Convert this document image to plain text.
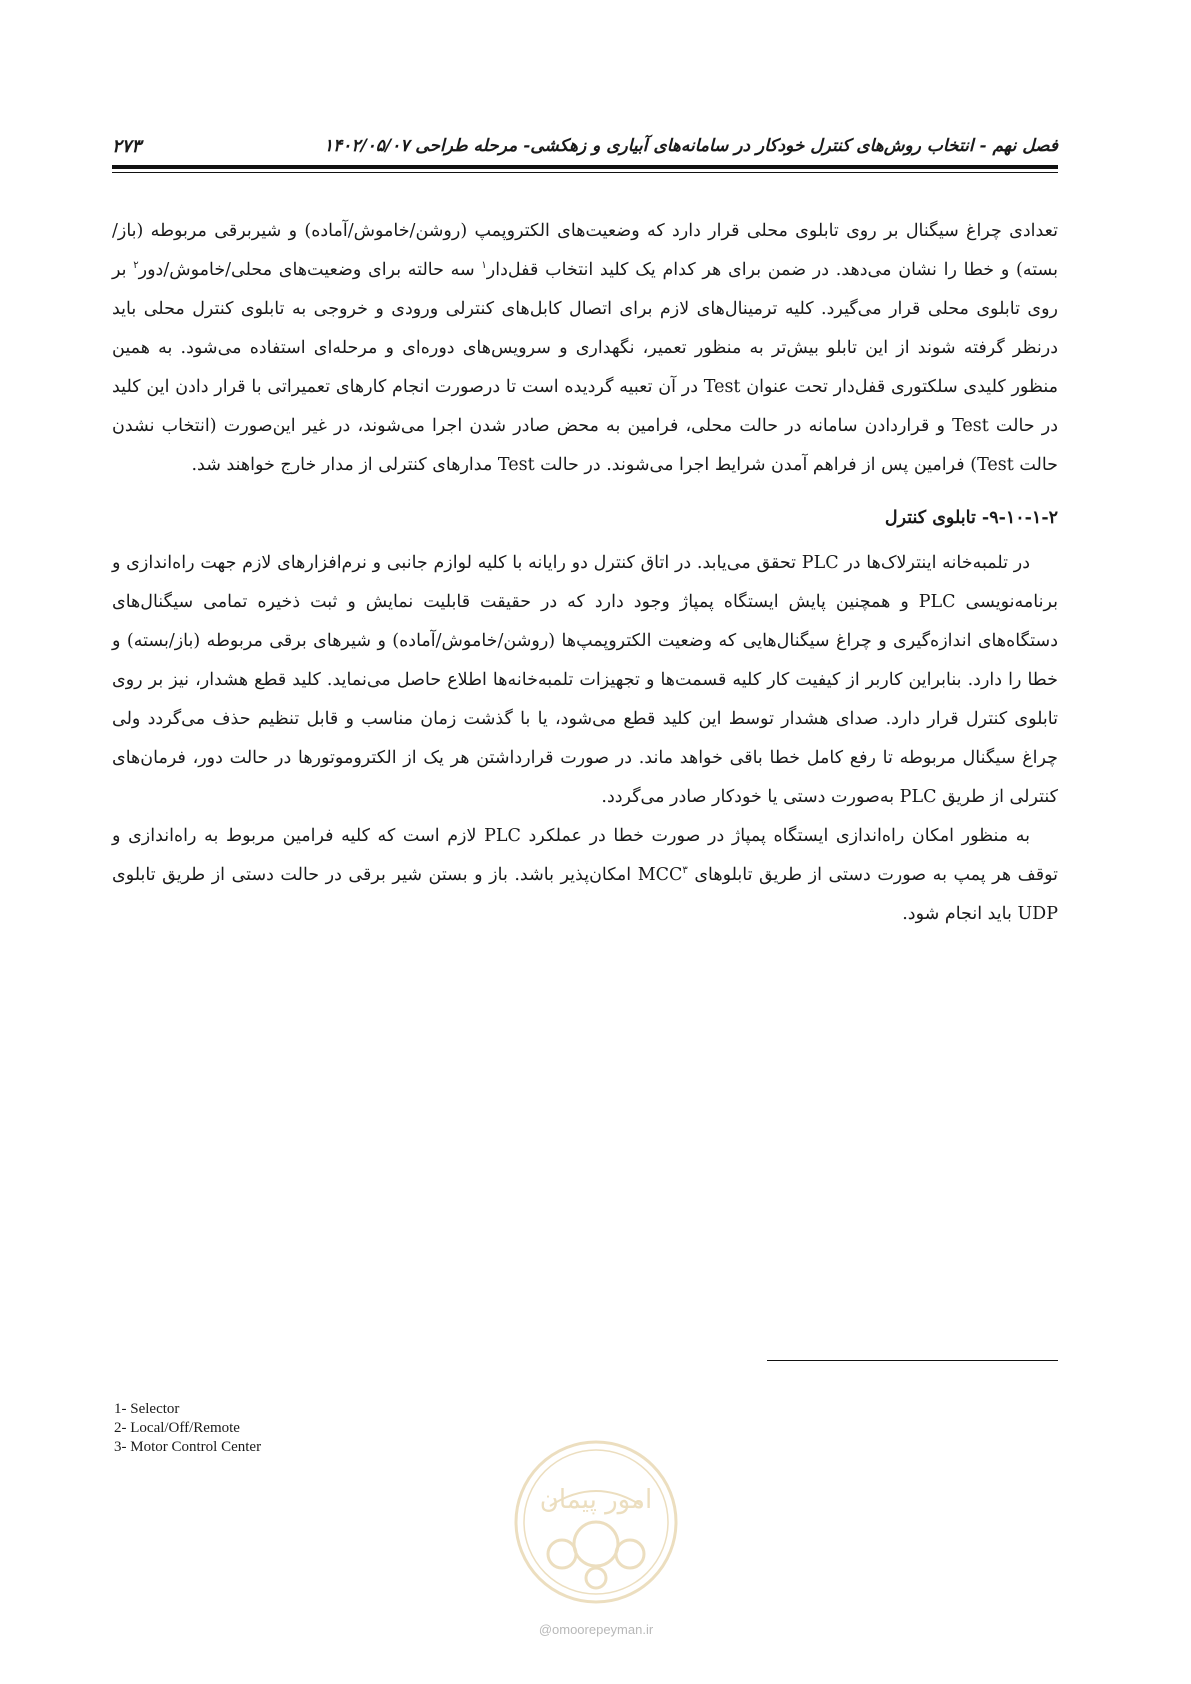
فصل نهم - انتخاب روش‌های کنترل خودکار در سامانه‌های آبیاری و زهکشی- مرحله طراحی ۱۴۰۲/۰۵/۰۷
۲۷۳

تعدادی چراغ سیگنال بر روی تابلوی محلی قرار دارد که وضعیت‌های الکتروپمپ (روشن/خاموش/آماده) و شیربرقی مربوطه (باز/ بسته) و خطا را نشان می‌دهد. در ضمن برای هر کدام یک کلید انتخاب قفل‌دار$^۱$ سه حالته برای وضعیت‌های محلی/خاموش/دور$^۲$ بر روی تابلوی محلی قرار می‌گیرد. کلیه ترمینال‌های لازم برای اتصال کابل‌های کنترلی ورودی و خروجی به تابلوی کنترل محلی باید درنظر گرفته شوند از این تابلو بیش‌تر به منظور تعمیر، نگهداری و سرویس‌های دوره‌ای و مرحله‌ای استفاده می‌شود. به همین منظور کلیدی سلکتوری قفل‌دار تحت عنوان Test در آن تعبیه گردیده است تا درصورت انجام کارهای تعمیراتی با قرار دادن این کلید در حالت Test و قراردادن سامانه در حالت محلی، فرامین به محض صادر شدن اجرا می‌شوند، در غیر این‌صورت (انتخاب نشدن حالت Test) فرامین پس از فراهم آمدن شرایط اجرا می‌شوند. در حالت Test مدارهای کنترلی از مدار خارج خواهند شد.

۹-۱۰-۱-۲- تابلوی کنترل

در تلمبه‌خانه اینترلاک‌ها در PLC تحقق می‌یابد. در اتاق کنترل دو رایانه با کلیه لوازم جانبی و نرم‌افزارهای لازم جهت راه‌اندازی و برنامه‌نویسی PLC و همچنین پایش ایستگاه پمپاژ وجود دارد که در حقیقت قابلیت نمایش و ثبت ذخیره تمامی سیگنال‌های دستگاه‌های اندازه‌گیری و چراغ سیگنال‌هایی که وضعیت الکتروپمپ‌ها (روشن/خاموش/آماده) و شیرهای برقی مربوطه (باز/بسته) و خطا را دارد. بنابراین کاربر از کیفیت کار کلیه قسمت‌ها و تجهیزات تلمبه‌خانه‌ها اطلاع حاصل می‌نماید. کلید قطع هشدار، نیز بر روی تابلوی کنترل قرار دارد. صدای هشدار توسط این کلید قطع می‌شود، یا با گذشت زمان مناسب و قابل تنظیم حذف می‌گردد ولی چراغ سیگنال مربوطه تا رفع کامل خطا باقی خواهد ماند. در صورت قرارداشتن هر یک از الکتروموتورها در حالت دور، فرمان‌های کنترلی از طریق PLC به‌صورت دستی یا خودکار صادر می‌گردد.

به منظور امکان راه‌اندازی ایستگاه پمپاژ در صورت خطا در عملکرد PLC لازم است که کلیه فرامین مربوط به راه‌اندازی و توقف هر پمپ به صورت دستی از طریق تابلوهای MCC$^۳$ امکان‌پذیر باشد. باز و بستن شیر برقی در حالت دستی از طریق تابلوی UDP باید انجام شود.

1- Selector
2- Local/Off/Remote
3- Motor Control Center
امور پیمان
@omoorepeyman.ir
